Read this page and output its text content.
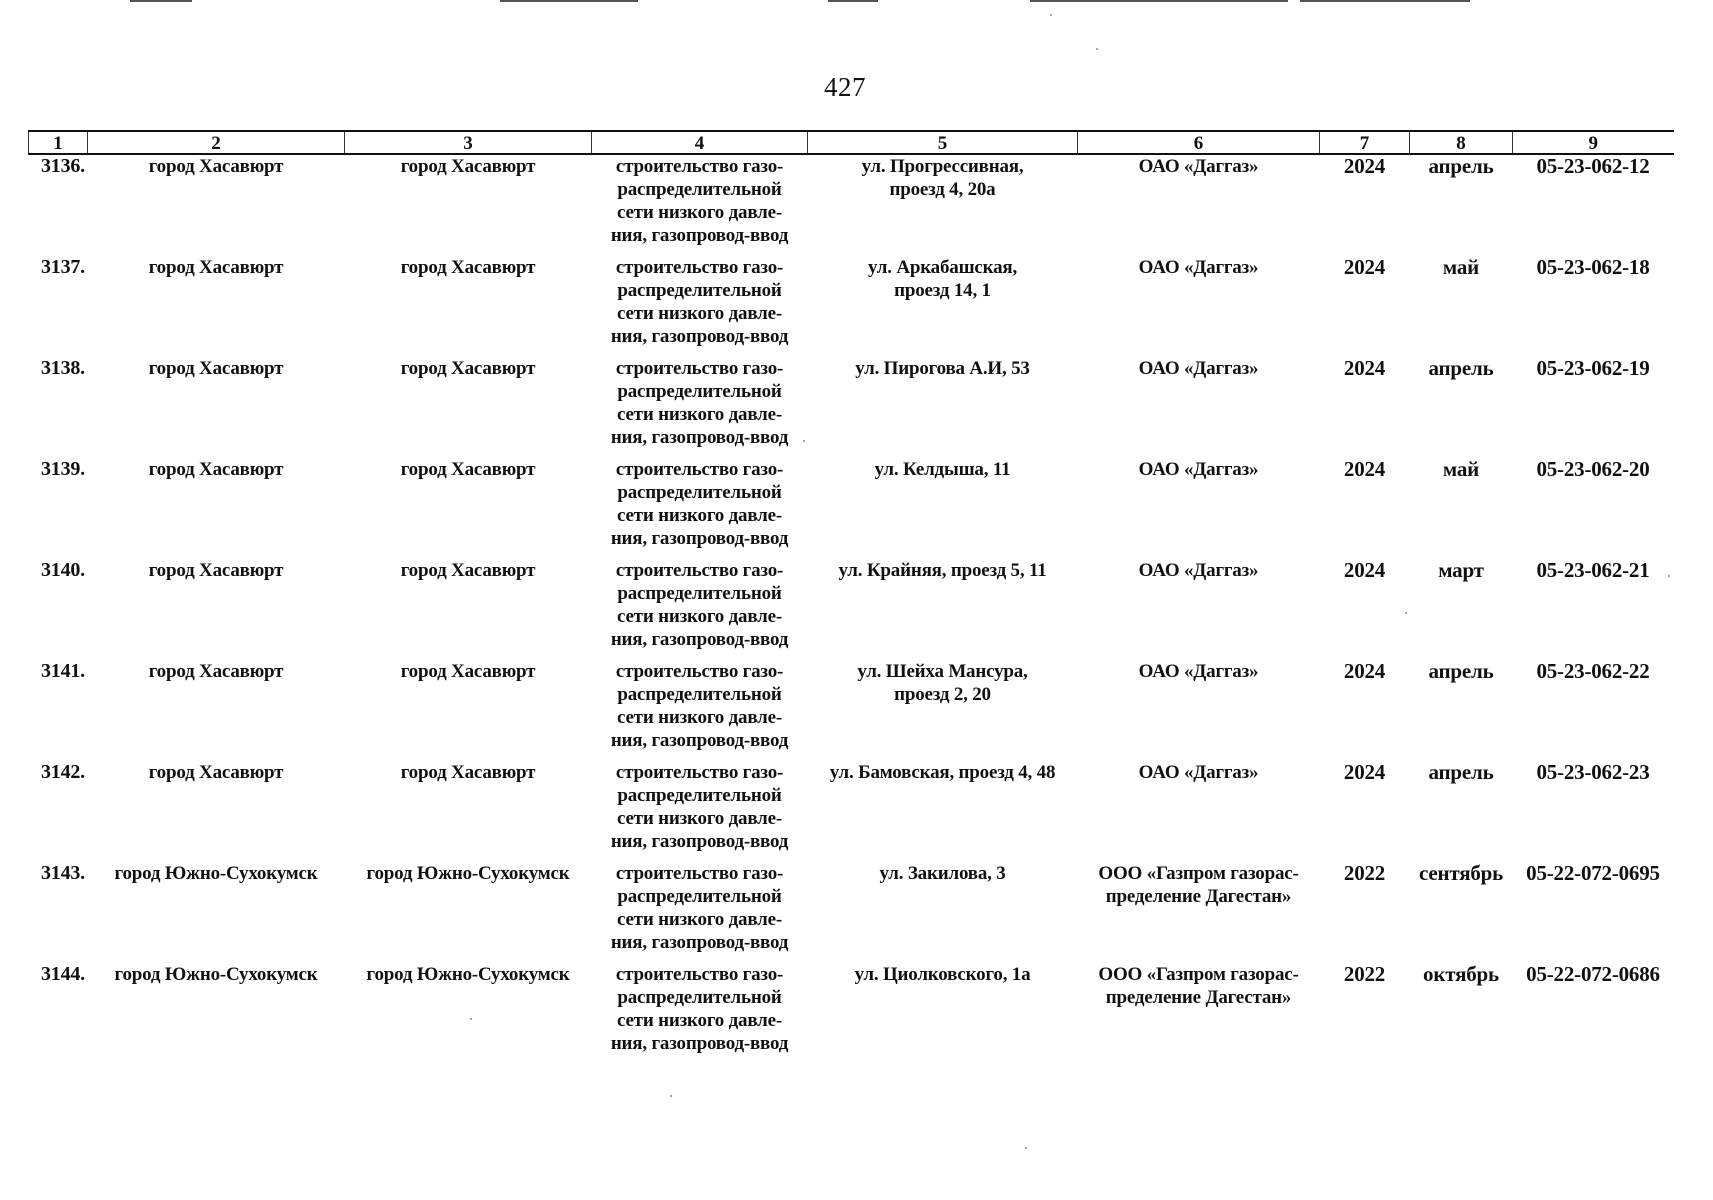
427
1	2	3	4	5	6	7	8	9
3136.	город Хасавюрт	город Хасавюрт	строительство газо-
распределительной
сети низкого давле-
ния, газопровод-ввод	ул. Прогрессивная,
проезд 4, 20а	ОАО «Даггаз»	2024	апрель	05-23-062-12
3137.	город Хасавюрт	город Хасавюрт	строительство газо-
распределительной
сети низкого давле-
ния, газопровод-ввод	ул. Аркабашская,
проезд 14, 1	ОАО «Даггаз»	2024	май	05-23-062-18
3138.	город Хасавюрт	город Хасавюрт	строительство газо-
распределительной
сети низкого давле-
ния, газопровод-ввод	ул. Пирогова А.И, 53	ОАО «Даггаз»	2024	апрель	05-23-062-19
3139.	город Хасавюрт	город Хасавюрт	строительство газо-
распределительной
сети низкого давле-
ния, газопровод-ввод	ул. Келдыша, 11	ОАО «Даггаз»	2024	май	05-23-062-20
3140.	город Хасавюрт	город Хасавюрт	строительство газо-
распределительной
сети низкого давле-
ния, газопровод-ввод	ул. Крайняя, проезд 5, 11	ОАО «Даггаз»	2024	март	05-23-062-21
3141.	город Хасавюрт	город Хасавюрт	строительство газо-
распределительной
сети низкого давле-
ния, газопровод-ввод	ул. Шейха Мансура,
проезд 2, 20	ОАО «Даггаз»	2024	апрель	05-23-062-22
3142.	город Хасавюрт	город Хасавюрт	строительство газо-
распределительной
сети низкого давле-
ния, газопровод-ввод	ул. Бамовская, проезд 4, 48	ОАО «Даггаз»	2024	апрель	05-23-062-23
3143.	город Южно-Сухокумск	город Южно-Сухокумск	строительство газо-
распределительной
сети низкого давле-
ния, газопровод-ввод	ул. Закилова, 3	ООО «Газпром газорас-
пределение Дагестан»	2022	сентябрь	05-22-072-0695
3144.	город Южно-Сухокумск	город Южно-Сухокумск	строительство газо-
распределительной
сети низкого давле-
ния, газопровод-ввод	ул. Циолковского, 1а	ООО «Газпром газорас-
пределение Дагестан»	2022	октябрь	05-22-072-0686
